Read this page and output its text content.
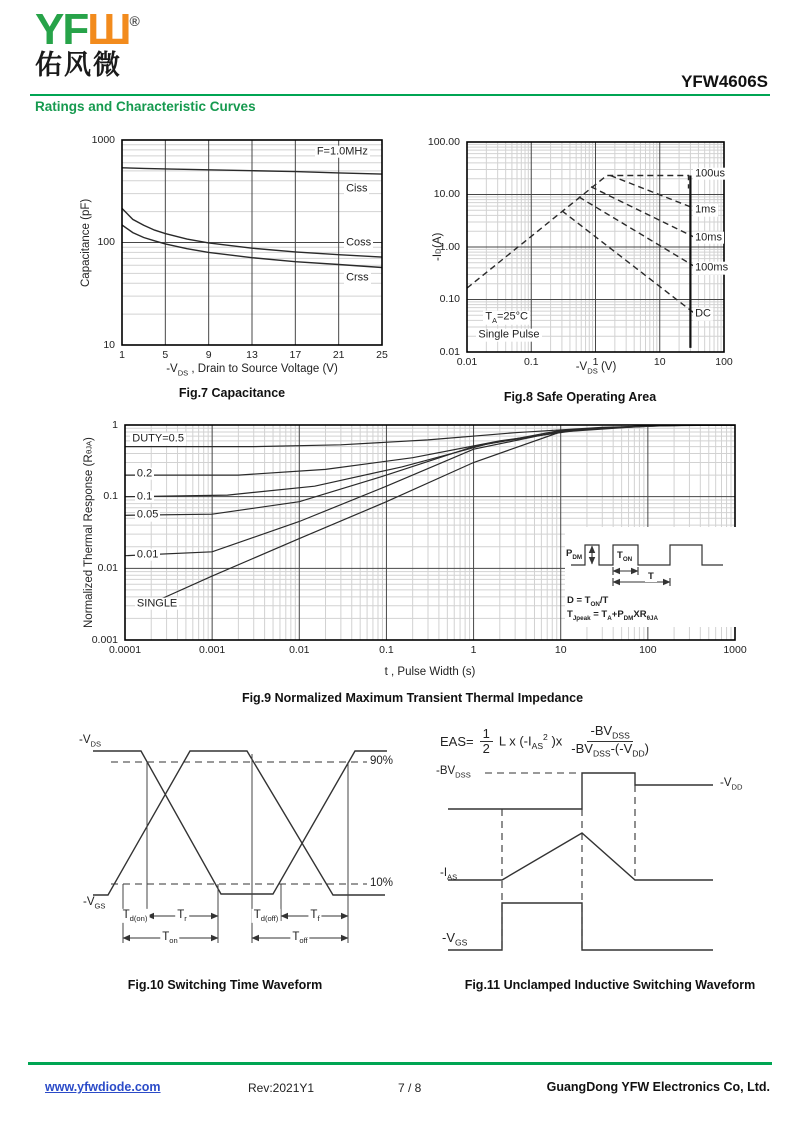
YFШ®
佑风微
YFW4606S
Ratings and Characteristic Curves
Capacitance (pF)
$-V_{DS}$ , Drain to Source Voltage (V)
1	5	9	13	17	21	25
10
100
1000
F=1.0MHz
Ciss
Coss
Crss
Fig.7 Capacitance
-I
D
(A)
$-V_{DS}$ (V)
0.01	0.1	1	10	100
0.01
0.10
1.00
10.00
100.00
100us
1ms
10ms
100ms
DC
$T_A=25^\circ C$
Single Pulse
Fig.8 Safe Operating Area
Normalized Thermal Response (R
θJA
)
t , Pulse Width (s)
$P_{DM}$	$T_{ON}$
T
$D = T_{ON}/T$
$T_{Jpeak} = T_A+P_{DM}XR_{\theta JA}$
0.0001	0.001	0.01	0.1	1	10	100	1000
0.001
0.01
0.1
1
DUTY=0.5
0.2
0.1
0.05
0.01
SINGLE
Fig.9 Normalized Maximum Transient Thermal Impedance
$-V_{DS}$
$-V_{GS}$
90%
10%
$T_{d(on)}$	$T_r$	$T_{d(off)}$	$T_f$
$T_{on}$	$T_{off}$
Fig.10 Switching Time Waveform
$EAS= \frac{1}{2}$ L x ($-I_{AS}^2$ )$x \frac{-BV_{DSS}}{-BV_{DSS}-(-V_{DD})}$
$-BV_{DSS}$
$-V_{DD}$
$-I_{AS}$
$-V_{GS}$
Fig.11 Unclamped Inductive Switching Waveform
www.yfwdiode.com	Rev:2021Y1	7 / 8	GuangDong YFW Electronics Co, Ltd.
